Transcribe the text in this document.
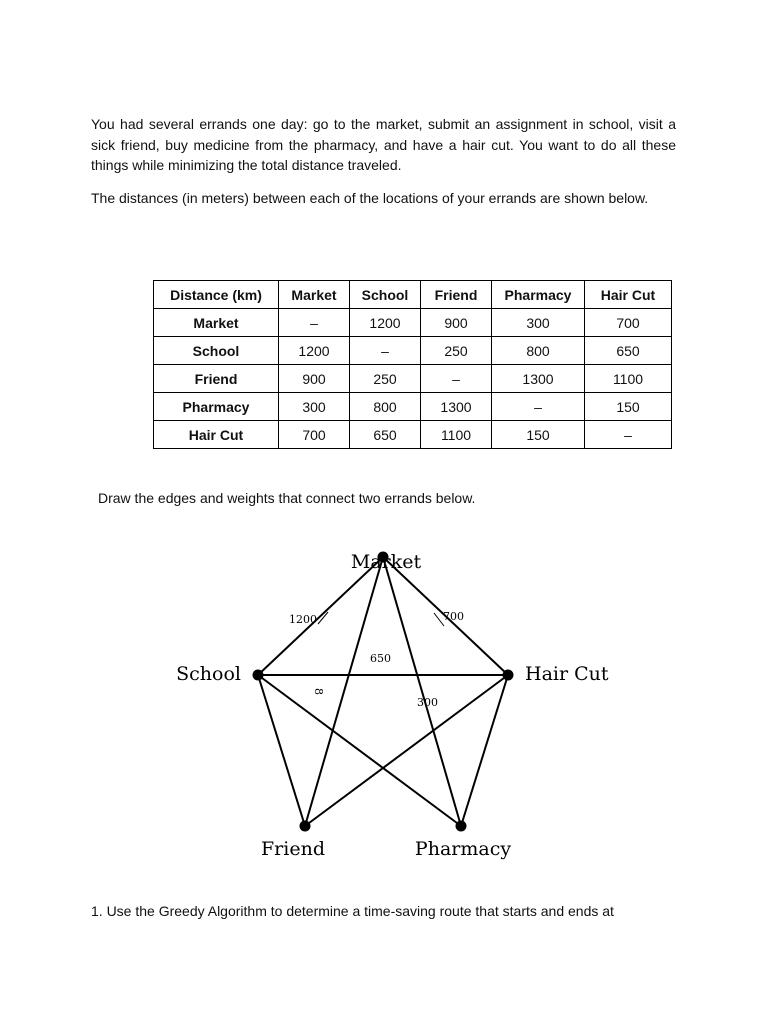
You had several errands one day: go to the market, submit an assignment in school, visit a sick friend, buy medicine from the pharmacy, and have a hair cut. You want to do all these things while minimizing the total distance traveled.

The distances (in meters) between each of the locations of your errands are shown below.

Distance (km)	Market	School	Friend	Pharmacy	Hair Cut
Market	–	1200	900	300	700
School	1200	–	250	800	650
Friend	900	250	–	1300	1100
Pharmacy	300	800	1300	–	150
Hair Cut	700	650	1100	150	–

Draw the edges and weights that connect two errands below.

1200	700
650
300
8
Market
School	Hair Cut
Friend	Pharmacy

1. Use the Greedy Algorithm to determine a time-saving route that starts and ends at
